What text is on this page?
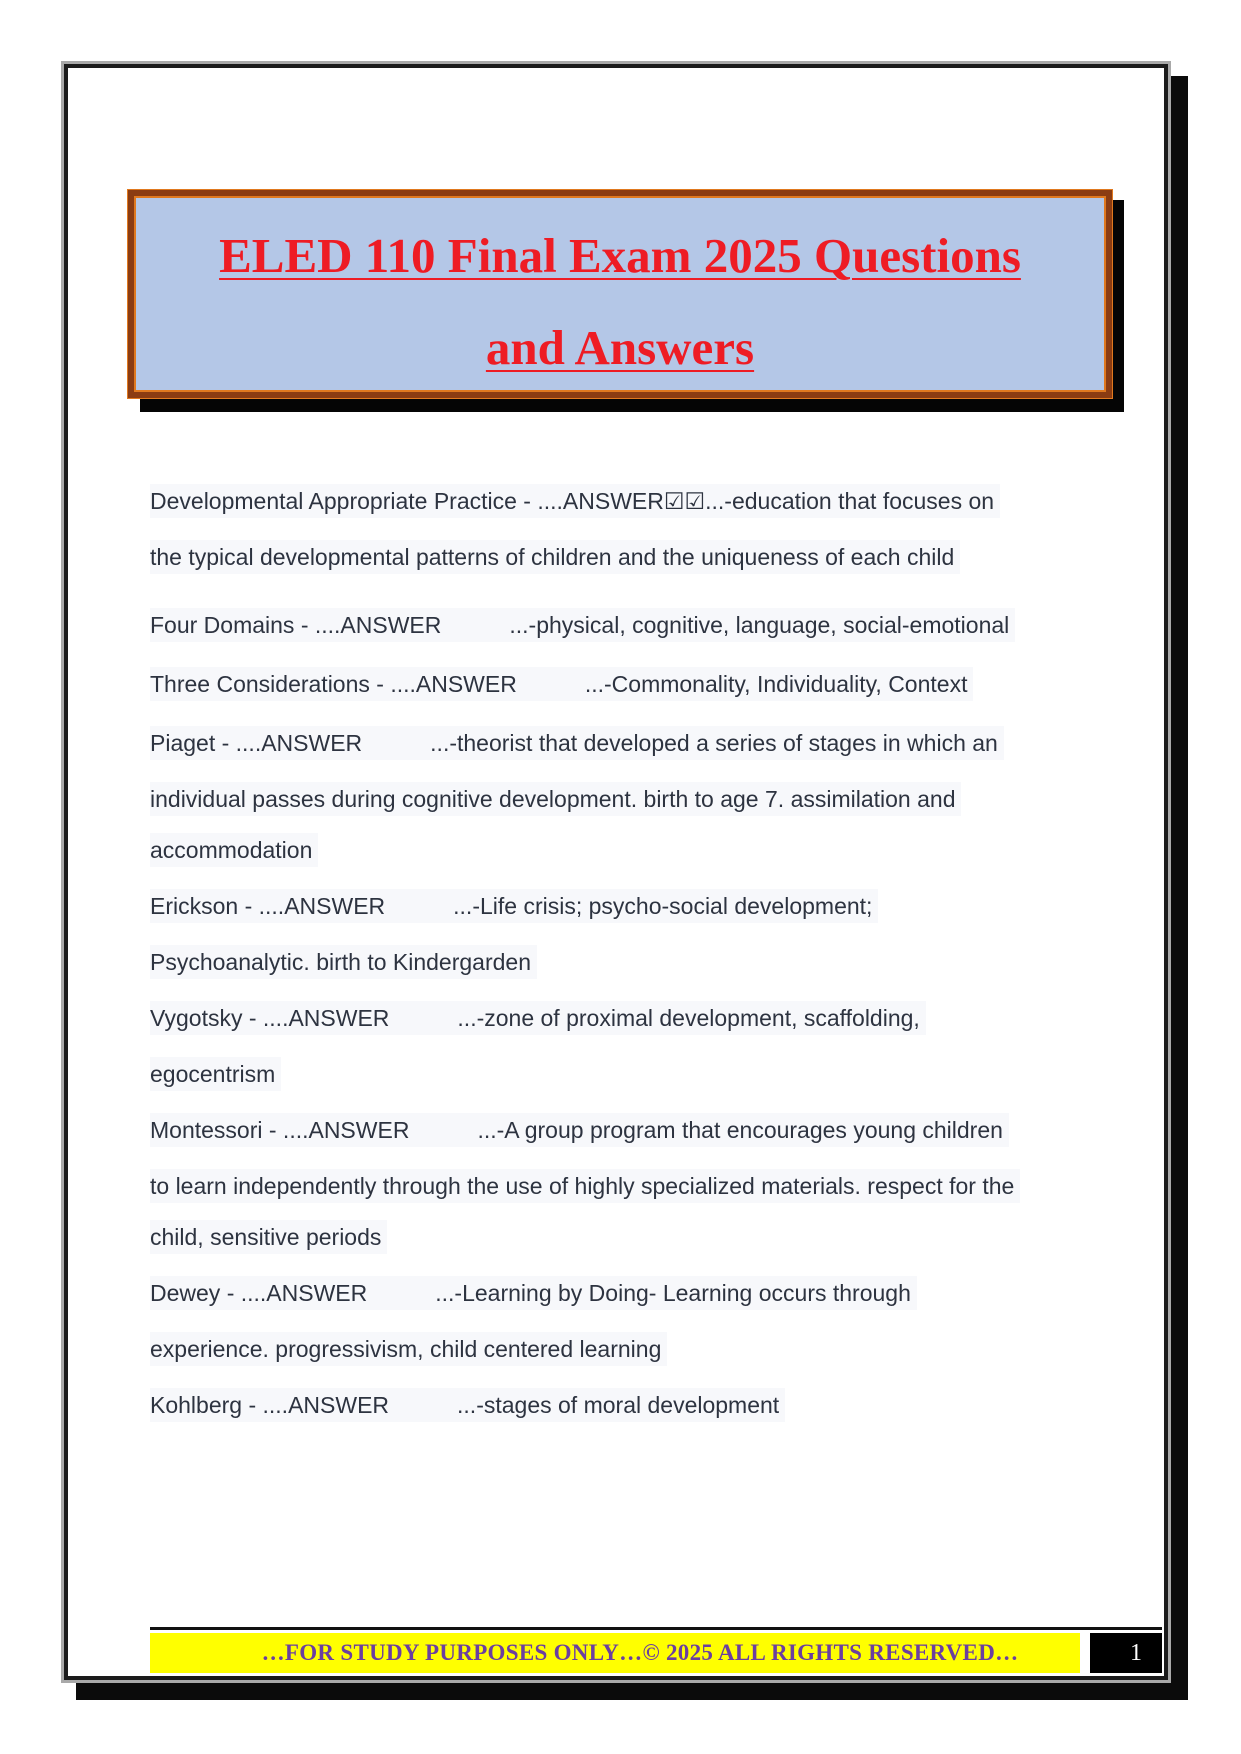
ELED 110 Final Exam 2025 Questions
and Answers

Developmental Appropriate Practice - ....ANSWER☑☑...-education that focuses on
the typical developmental patterns of children and the uniqueness of each child
Four Domains - ....ANSWER	...-physical, cognitive, language, social-emotional
Three Considerations - ....ANSWER	...-Commonality, Individuality, Context
Piaget - ....ANSWER	...-theorist that developed a series of stages in which an
individual passes during cognitive development. birth to age 7. assimilation and
accommodation
Erickson - ....ANSWER	...-Life crisis; psycho-social development;
Psychoanalytic. birth to Kindergarden
Vygotsky - ....ANSWER	...-zone of proximal development, scaffolding,
egocentrism
Montessori - ....ANSWER	...-A group program that encourages young children
to learn independently through the use of highly specialized materials. respect for the
child, sensitive periods
Dewey - ....ANSWER	...-Learning by Doing- Learning occurs through
experience. progressivism, child centered learning
Kohlberg - ....ANSWER	...-stages of moral development
…FOR STUDY PURPOSES ONLY…© 2025 ALL RIGHTS RESERVED…	1
